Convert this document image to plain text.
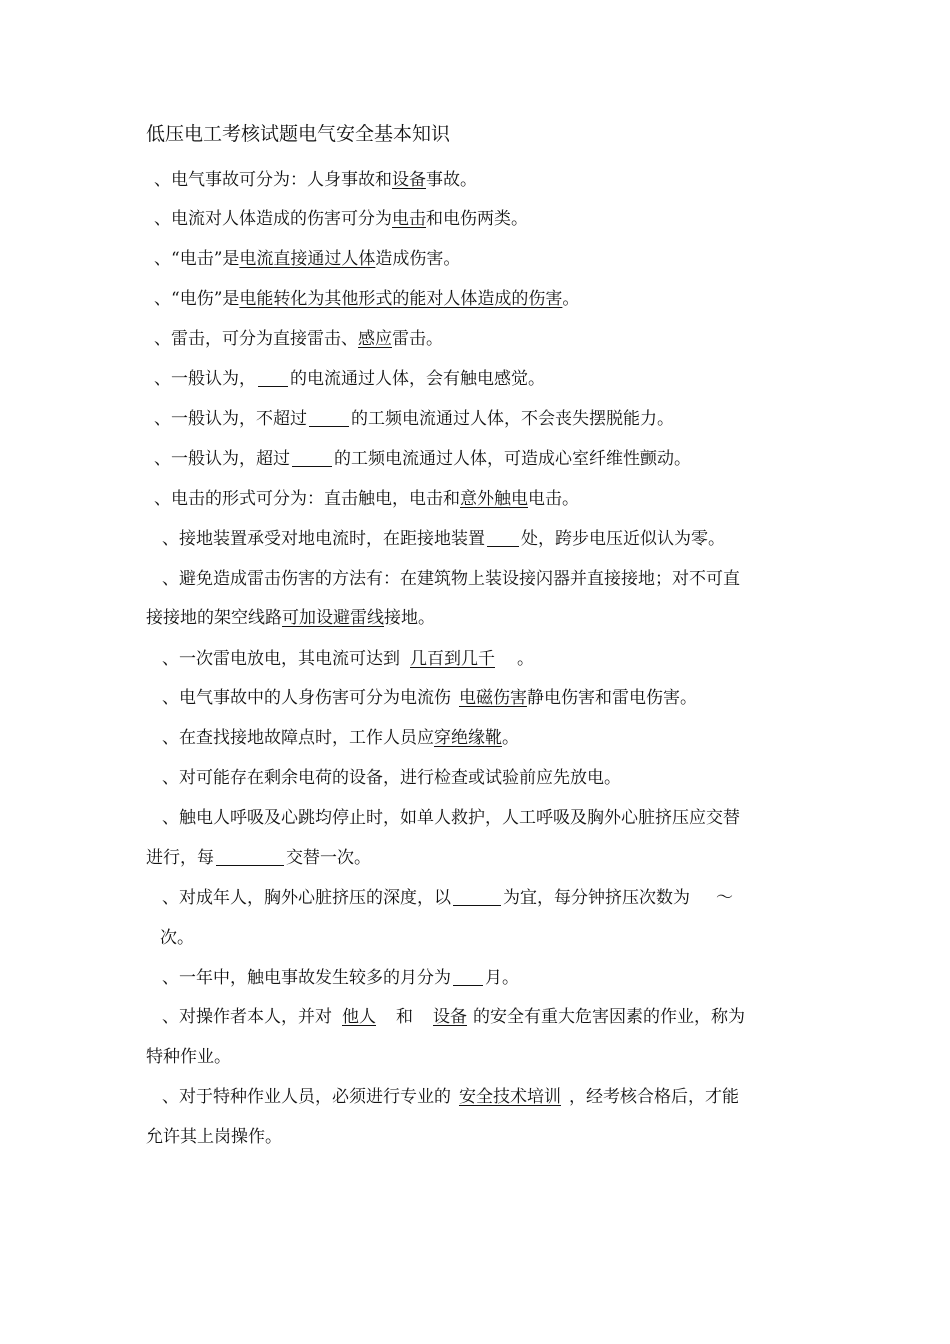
低压电工考核试题电气安全基本知识
、电气事故可分为：人身事故和设备事故。
、电流对人体造成的伤害可分为电击和电伤两类。
、“电击”是电流直接通过人体造成伤害。
、“电伤”是电能转化为其他形式的能对人体造成的伤害。
、雷击，可分为直接雷击、感应雷击。
、一般认为， 的电流通过人体，会有触电感觉。
、一般认为，不超过	的工频电流通过人体，不会丧失摆脱能力。
、一般认为，超过	的工频电流通过人体，可造成心室纤维性颤动。
、电击的形式可分为：直击触电，电击和意外触电电击。
、接地装置承受对地电流时，在距接地装置 处，跨步电压近似认为零。
、避免造成雷击伤害的方法有：在建筑物上装设接闪器并直接接地；对不可直
接接地的架空线路可加设避雷线接地。
、一次雷电放电，其电流可达到 几百到几千 。
、电气事故中的人身伤害可分为电流伤 电磁伤害静电伤害和雷电伤害。
、在查找接地故障点时，工作人员应穿绝缘靴。
、对可能存在剩余电荷的设备，进行检查或试验前应先放电。
、触电人呼吸及心跳均停止时，如单人救护，人工呼吸及胸外心脏挤压应交替
进行，每	交替一次。
、对成年人，胸外心脏挤压的深度，以	为宜，每分钟挤压次数为 ～
次。
、一年中，触电事故发生较多的月分为 月。
、对操作者本人，并对 他人 和 设备 的安全有重大危害因素的作业，称为
特种作业。
、对于特种作业人员，必须进行专业的 安全技术培训 ，经考核合格后，才能
允许其上岗操作。
